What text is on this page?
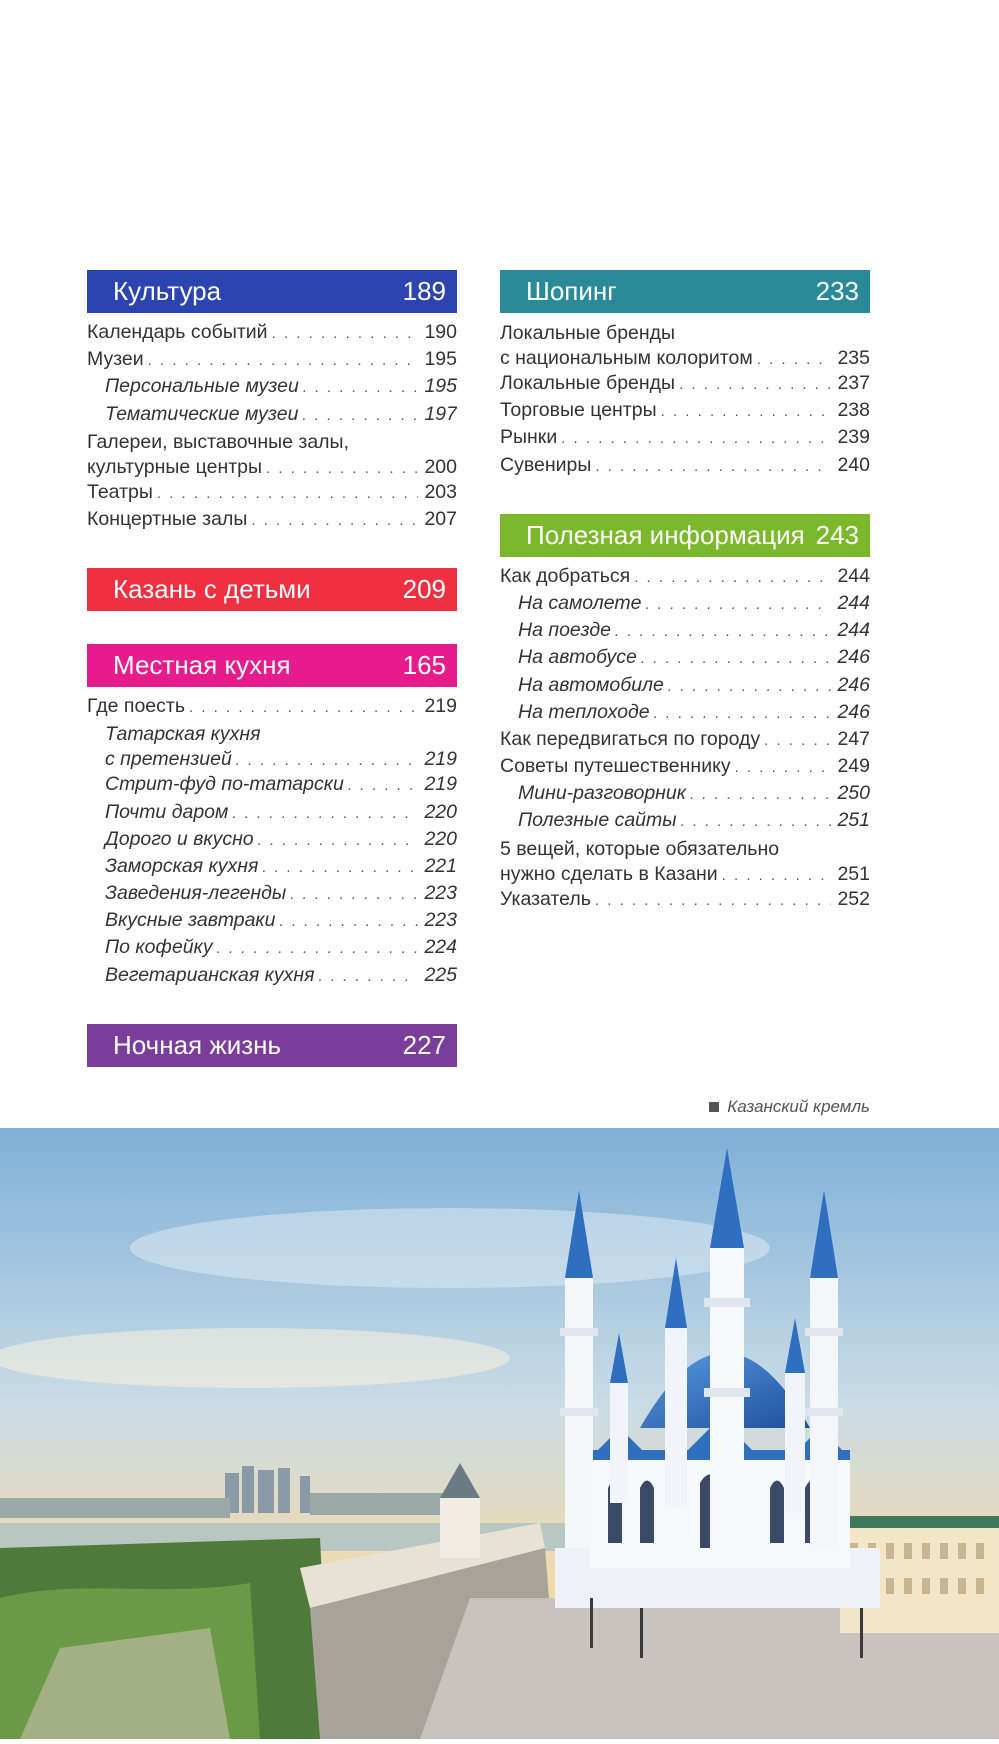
Культура	189
Календарь событий . . .	190
Музеи . . .	195
Персональные музеи . . .	195
Тематические музеи . . .	197
Галереи, выставочные залы,
культурные центры . . .	200
Театры . . .	203
Концертные залы . . .	207
Казань с детьми	209
Местная кухня	165
Где поесть . . .	219
Татарская кухня
с претензией . . .	219
Стрит-фуд по-татарски . . .	219
Почти даром . . .	220
Дорого и вкусно . . .	220
Заморская кухня . . .	221
Заведения-легенды . . .	223
Вкусные завтраки . . .	223
По кофейку . . .	224
Вегетарианская кухня . . .	225
Ночная жизнь	227
Шопинг	233
Локальные бренды
с национальным колоритом . . .	235
Локальные бренды . . .	237
Торговые центры . . .	238
Рынки . . .	239
Сувениры . . .	240
Полезная информация 243
Как добраться . . .	244
На самолете . . .	244
На поезде . . .	244
На автобусе . . .	246
На автомобиле . . .	246
На теплоходе . . .	246
Как передвигаться по городу . . .	247
Советы путешественнику . . .	249
Мини-разговорник . . .	250
Полезные сайты . . .	251
5 вещей, которые обязательно
нужно сделать в Казани . . .	251
Указатель . . .	252
Казанский кремль
